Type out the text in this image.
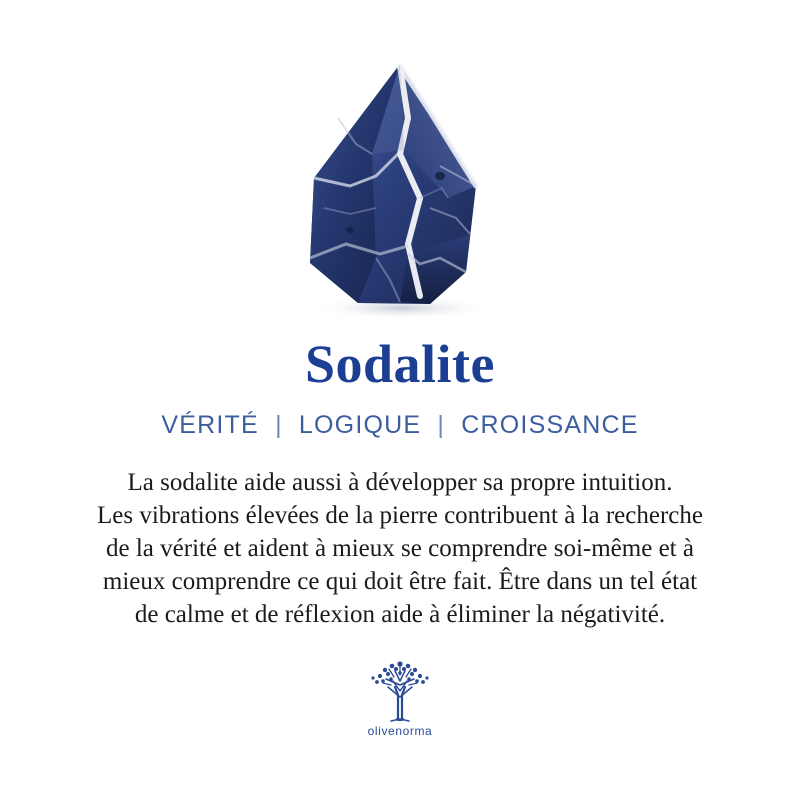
Sodalite
VÉRITÉ | LOGIQUE | CROISSANCE
La sodalite aide aussi à développer sa propre intuition.
Les vibrations élevées de la pierre contribuent à la recherche
de la vérité et aident à mieux se comprendre soi-même et à
mieux comprendre ce qui doit être fait. Être dans un tel état
de calme et de réflexion aide à éliminer la négativité.
olivenorma
